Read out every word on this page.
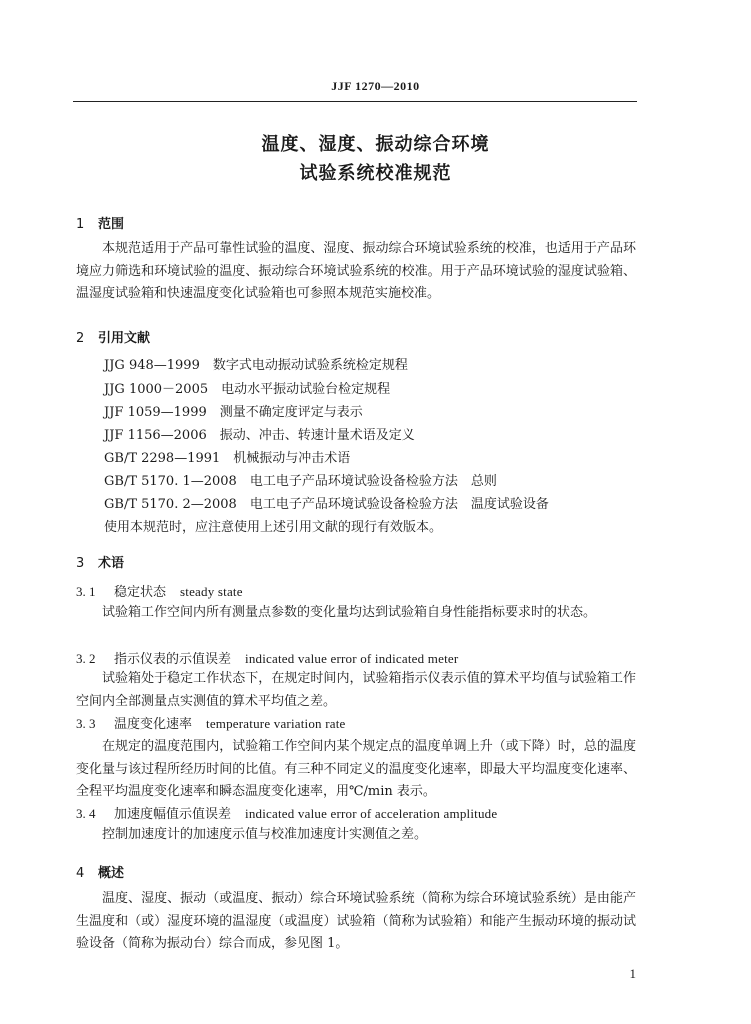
JJF 1270—2010
温度、湿度、振动综合环境
试验系统校准规范
1 范围
本规范适用于产品可靠性试验的温度、湿度、振动综合环境试验系统的校准，也适用于产品环境应力筛选和环境试验的温度、振动综合环境试验系统的校准。用于产品环境试验的湿度试验箱、温湿度试验箱和快速温度变化试验箱也可参照本规范实施校准。
2 引用文献
JJG 948—1999　数字式电动振动试验系统检定规程
JJG 1000－2005　电动水平振动试验台检定规程
JJF 1059—1999　测量不确定度评定与表示
JJF 1156—2006　振动、冲击、转速计量术语及定义
GB/T 2298—1991　机械振动与冲击术语
GB/T 5170. 1—2008　电工电子产品环境试验设备检验方法　总则
GB/T 5170. 2—2008　电工电子产品环境试验设备检验方法　温度试验设备
使用本规范时，应注意使用上述引用文献的现行有效版本。
3 术语
3. 1 稳定状态 steady state
试验箱工作空间内所有测量点参数的变化量均达到试验箱自身性能指标要求时的状态。
3. 2 指示仪表的示值误差 indicated value error of indicated meter
试验箱处于稳定工作状态下，在规定时间内，试验箱指示仪表示值的算术平均值与试验箱工作空间内全部测量点实测值的算术平均值之差。
3. 3 温度变化速率 temperature variation rate
在规定的温度范围内，试验箱工作空间内某个规定点的温度单调上升（或下降）时，总的温度变化量与该过程所经历时间的比值。有三种不同定义的温度变化速率，即最大平均温度变化速率、全程平均温度变化速率和瞬态温度变化速率，用℃/min 表示。
3. 4 加速度幅值示值误差 indicated value error of acceleration amplitude
控制加速度计的加速度示值与校准加速度计实测值之差。
4 概述
温度、湿度、振动（或温度、振动）综合环境试验系统（简称为综合环境试验系统）是由能产生温度和（或）湿度环境的温湿度（或温度）试验箱（简称为试验箱）和能产生振动环境的振动试验设备（简称为振动台）综合而成，参见图 1。
1
